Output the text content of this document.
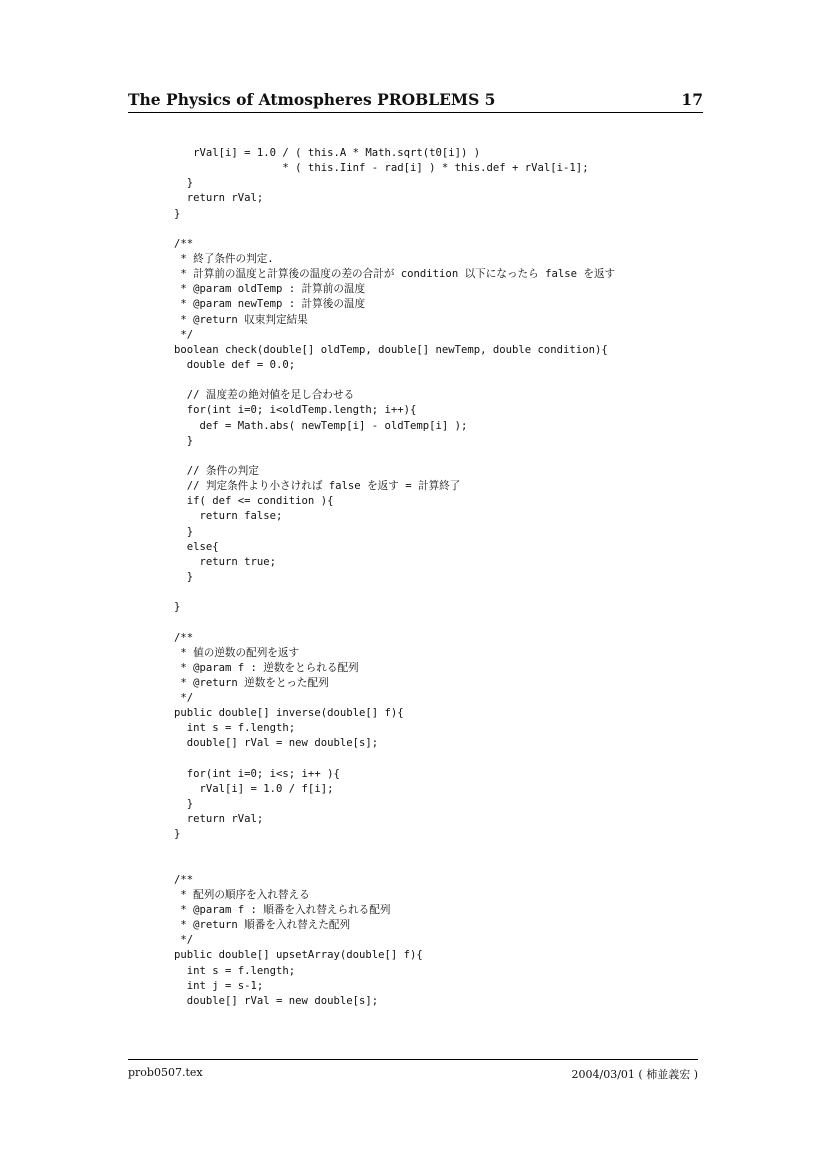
The Physics of Atmospheres PROBLEMS 5	17
rVal[i] = 1.0 / ( this.A * Math.sqrt(t0[i]) )
* ( this.Iinf - rad[i] ) * this.def + rVal[i-1];
}
return rVal;
}
/**
* 終了条件の判定.
* 計算前の温度と計算後の温度の差の合計が condition 以下になったら false を返す
* @param oldTemp : 計算前の温度
* @param newTemp : 計算後の温度
* @return 収束判定結果
*/
boolean check(double[] oldTemp, double[] newTemp, double condition){
double def = 0.0;
// 温度差の絶対値を足し合わせる
for(int i=0; i<oldTemp.length; i++){
def = Math.abs( newTemp[i] - oldTemp[i] );
}
// 条件の判定
// 判定条件より小さければ false を返す = 計算終了
if( def <= condition ){
return false;
}
else{
return true;
}
}
/**
* 値の逆数の配列を返す
* @param f : 逆数をとられる配列
* @return 逆数をとった配列
*/
public double[] inverse(double[] f){
int s = f.length;
double[] rVal = new double[s];
for(int i=0; i<s; i++ ){
rVal[i] = 1.0 / f[i];
}
return rVal;
}
/**
* 配列の順序を入れ替える
* @param f : 順番を入れ替えられる配列
* @return 順番を入れ替えた配列
*/
public double[] upsetArray(double[] f){
int s = f.length;
int j = s-1;
double[] rVal = new double[s];
prob0507.tex	2004/03/01 ( 柿並義宏 )
